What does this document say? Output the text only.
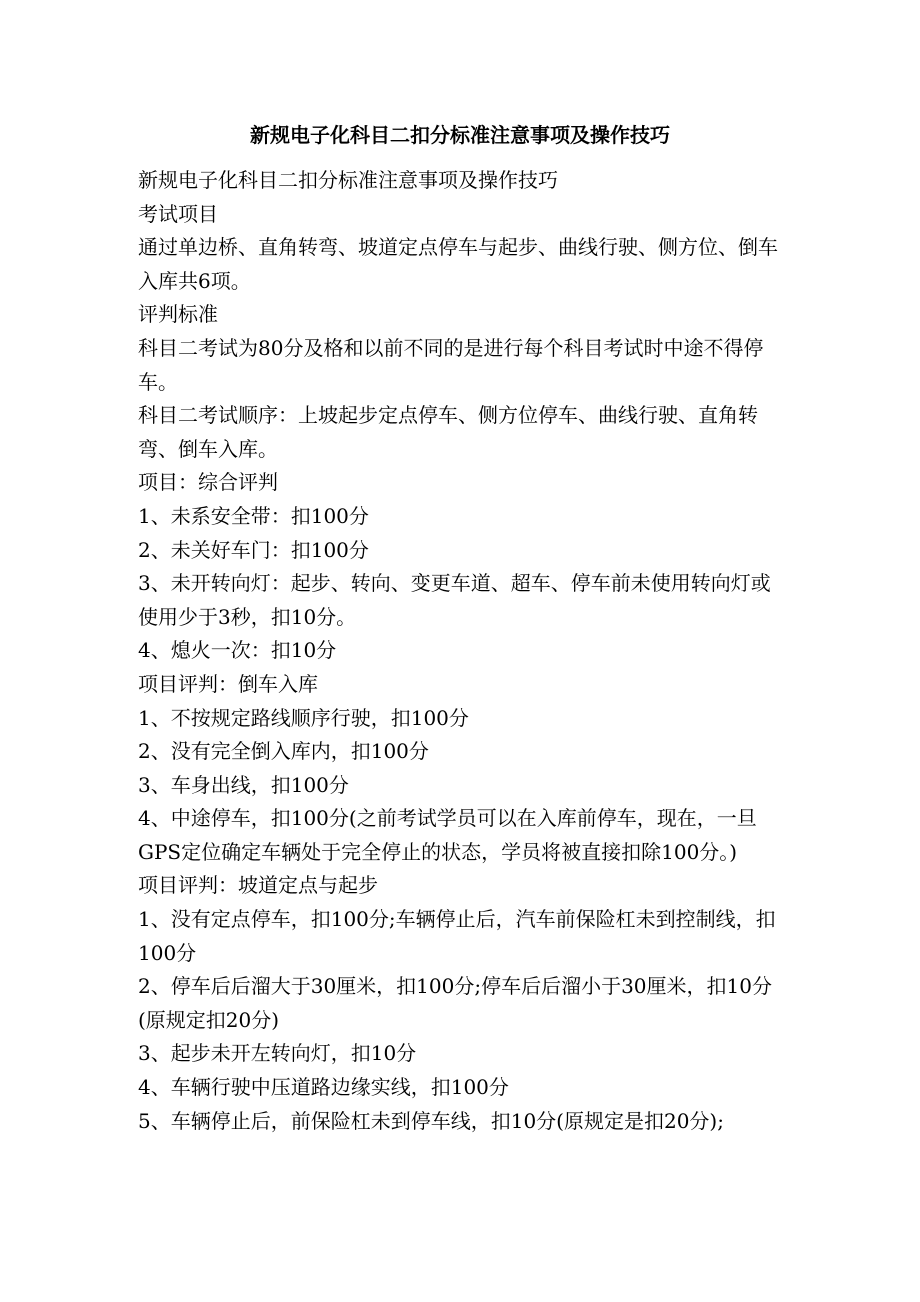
新规电子化科目二扣分标准注意事项及操作技巧

新规电子化科目二扣分标准注意事项及操作技巧

考试项目

通过单边桥、直角转弯、坡道定点停车与起步、曲线行驶、侧方位、倒车入库共6项。

评判标准

科目二考试为80分及格和以前不同的是进行每个科目考试时中途不得停车。

科目二考试顺序：上坡起步定点停车、侧方位停车、曲线行驶、直角转弯、倒车入库。

项目：综合评判

1、未系安全带：扣100分

2、未关好车门：扣100分

3、未开转向灯：起步、转向、变更车道、超车、停车前未使用转向灯或使用少于3秒，扣10分。

4、熄火一次：扣10分

项目评判：倒车入库

1、不按规定路线顺序行驶，扣100分

2、没有完全倒入库内，扣100分

3、车身出线，扣100分

4、中途停车，扣100分(之前考试学员可以在入库前停车，现在，一旦GPS定位确定车辆处于完全停止的状态，学员将被直接扣除100分。)

项目评判：坡道定点与起步

1、没有定点停车，扣100分;车辆停止后，汽车前保险杠未到控制线，扣100分

2、停车后后溜大于30厘米，扣100分;停车后后溜小于30厘米，扣10分(原规定扣20分)

3、起步未开左转向灯，扣10分

4、车辆行驶中压道路边缘实线，扣100分

5、车辆停止后，前保险杠未到停车线，扣10分(原规定是扣20分);
